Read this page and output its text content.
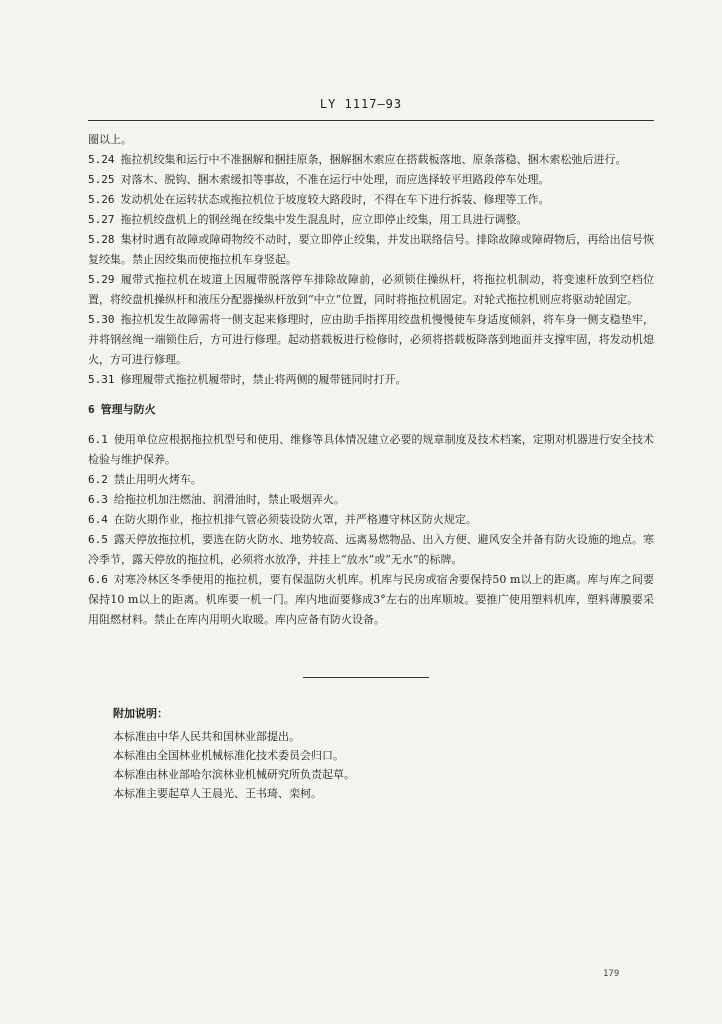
LY 1117—93

圈以上。

5.24 拖拉机绞集和运行中不准捆解和捆挂原条，捆解捆木索应在搭载板落地、原条落稳、捆木索松弛后进行。

5.25 对落木、脱钩、捆木索缓扣等事故，不准在运行中处理，而应选择较平坦路段停车处理。

5.26 发动机处在运转状态或拖拉机位于坡度较大路段时，不得在车下进行拆装、修理等工作。

5.27 拖拉机绞盘机上的钢丝绳在绞集中发生混乱时，应立即停止绞集，用工具进行调整。

5.28 集材时遇有故障或障碍物绞不动时，要立即停止绞集，并发出联络信号。排除故障或障碍物后，再给出信号恢复绞集。禁止因绞集而使拖拉机车身竖起。

5.29 履带式拖拉机在坡道上因履带脱落停车排除故障前，必须锁住操纵杆，将拖拉机制动，将变速杆放到空档位置，将绞盘机操纵杆和液压分配器操纵杆放到“中立”位置，同时将拖拉机固定。对轮式拖拉机则应将驱动轮固定。

5.30 拖拉机发生故障需将一侧支起来修理时，应由助手指挥用绞盘机慢慢使车身适度倾斜，将车身一侧支稳垫牢，并将钢丝绳一端锁住后，方可进行修理。起动搭载板进行检修时，必须将搭载板降落到地面并支撑牢固，将发动机熄火，方可进行修理。

5.31 修理履带式拖拉机履带时，禁止将两侧的履带链同时打开。

6 管理与防火

6.1 使用单位应根据拖拉机型号和使用、维修等具体情况建立必要的规章制度及技术档案，定期对机器进行安全技术检验与维护保养。

6.2 禁止用明火烤车。

6.3 给拖拉机加注燃油、润滑油时，禁止吸烟弄火。

6.4 在防火期作业，拖拉机排气管必须装设防火罩，并严格遵守林区防火规定。

6.5 露天停放拖拉机，要选在防火防水、地势较高、远离易燃物品、出入方便、避风安全并备有防火设施的地点。寒冷季节，露天停放的拖拉机，必须将水放净，并挂上“放水”或“无水”的标牌。

6.6 对寒冷林区冬季使用的拖拉机，要有保温防火机库。机库与民房或宿舍要保持50 m以上的距离。库与库之间要保持10 m以上的距离。机库要一机一门。库内地面要修成3°左右的出库顺坡。要推广使用塑料机库，塑料薄膜要采用阻燃材料。禁止在库内用明火取暖。库内应备有防火设备。

附加说明：

本标准由中华人民共和国林业部提出。

本标准由全国林业机械标准化技术委员会归口。

本标准由林业部哈尔滨林业机械研究所负责起草。

本标准主要起草人王晨光、王书琦、栾柯。

179
